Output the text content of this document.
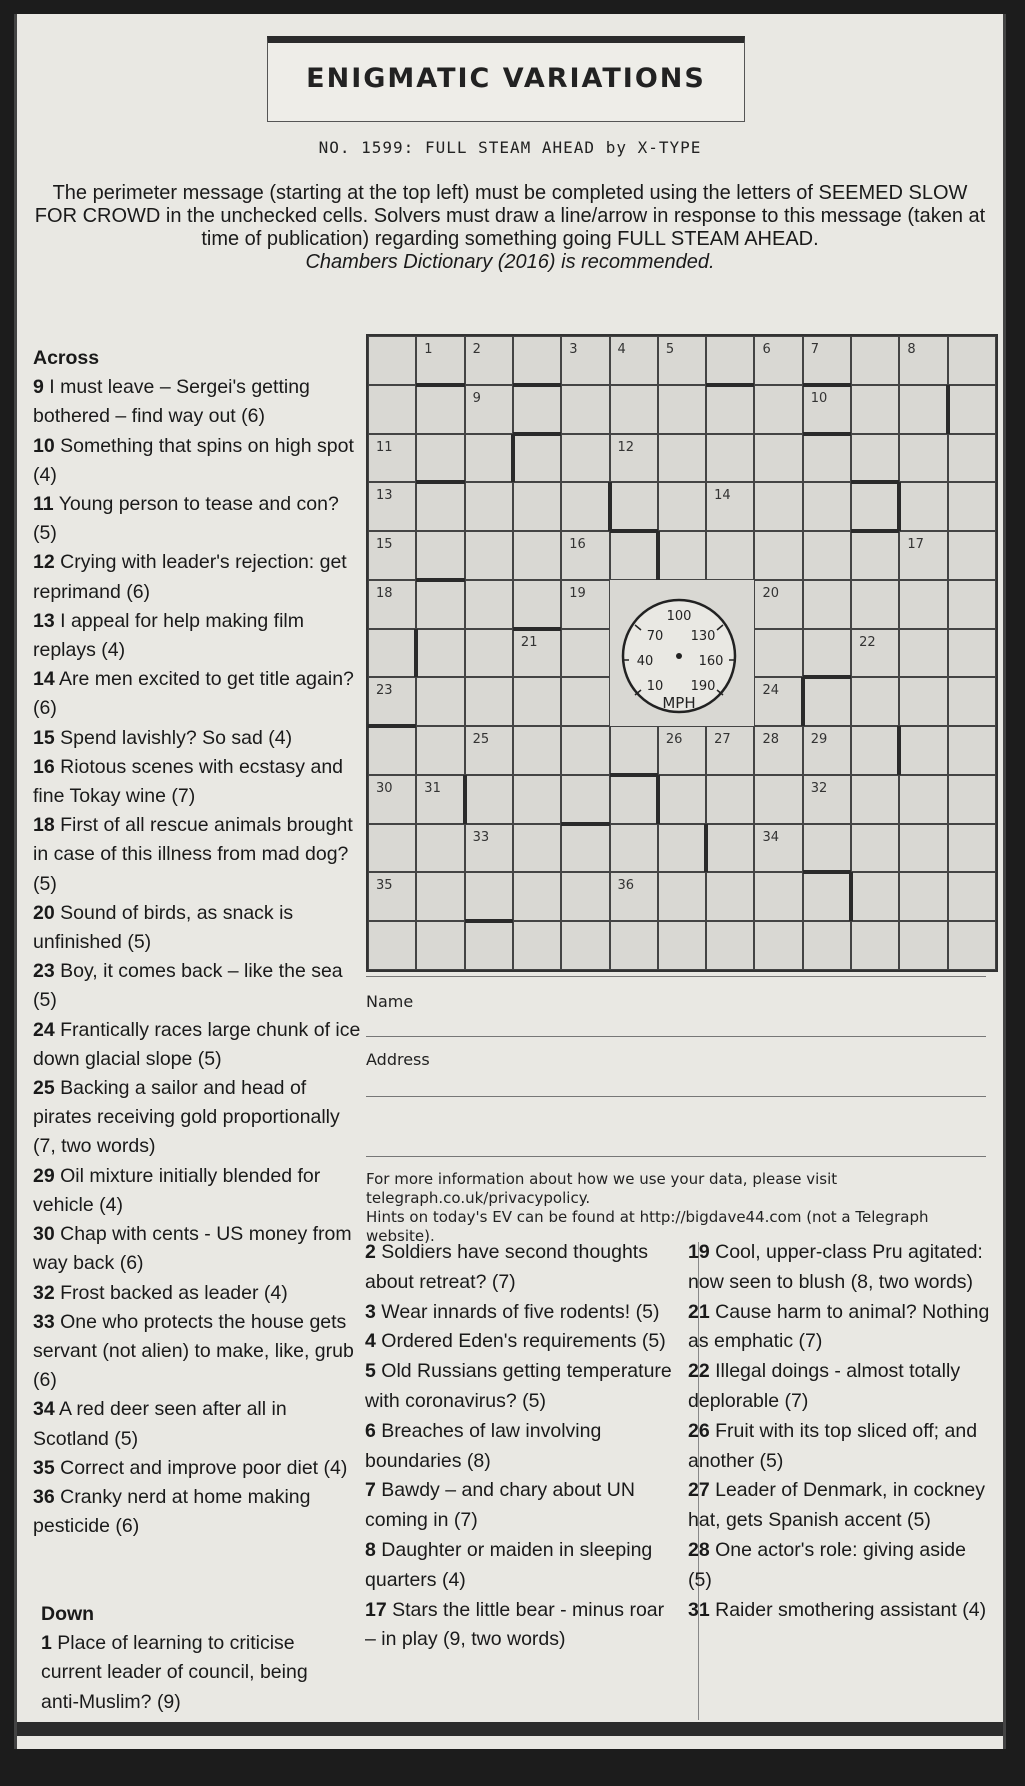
ENIGMATIC VARIATIONS
NO. 1599: FULL STEAM AHEAD by X-TYPE
The perimeter message (starting at the top left) must be completed using the letters of SEEMED SLOW FOR CROWD in the unchecked cells. Solvers must draw a line/arrow in response to this message (taken at time of publication) regarding something going FULL STEAM AHEAD.
Chambers Dictionary (2016) is recommended.
Across
9 I must leave – Sergei's getting bothered – find way out (6)
10 Something that spins on high spot (4)
11 Young person to tease and con? (5)
12 Crying with leader's rejection: get reprimand (6)
13 I appeal for help making film replays (4)
14 Are men excited to get title again? (6)
15 Spend lavishly? So sad (4)
16 Riotous scenes with ecstasy and fine Tokay wine (7)
18 First of all rescue animals brought in case of this illness from mad dog? (5)
20 Sound of birds, as snack is unfinished (5)
23 Boy, it comes back – like the sea (5)
24 Frantically races large chunk of ice down glacial slope (5)
25 Backing a sailor and head of pirates receiving gold proportionally (7, two words)
29 Oil mixture initially blended for vehicle (4)
30 Chap with cents - US money from way back (6)
32 Frost backed as leader (4)
33 One who protects the house gets servant (not alien) to make, like, grub (6)
34 A red deer seen after all in Scotland (5)
35 Correct and improve poor diet (4)
36 Cranky nerd at home making pesticide (6)
Down
1 Place of learning to criticise current leader of council, being anti-Muslim? (9)
1	2	3	4	5	6	7	8
9	10
11	12
13	14
15	16	17
18	19	20
21	22
23	24
25	26 27 28 29
30 31	32
33	34
35	36
100
70 130
40	160
10 190
MPH
Name
Address
For more information about how we use your data, please visit telegraph.co.uk/privacypolicy.
Hints on today's EV can be found at http://bigdave44.com (not a Telegraph website).
2 Soldiers have second thoughts about retreat? (7)
3 Wear innards of five rodents! (5)
4 Ordered Eden's requirements (5)
5 Old Russians getting temperature with coronavirus? (5)
6 Breaches of law involving boundaries (8)
7 Bawdy – and chary about UN coming in (7)
8 Daughter or maiden in sleeping quarters (4)
17 Stars the little bear - minus roar – in play (9, two words)
19 Cool, upper-class Pru agitated: now seen to blush (8, two words)
21 Cause harm to animal? Nothing as emphatic (7)
22 Illegal doings - almost totally deplorable (7)
26 Fruit with its top sliced off; and another (5)
27 Leader of Denmark, in cockney hat, gets Spanish accent (5)
28 One actor's role: giving aside (5)
31 Raider smothering assistant (4)
